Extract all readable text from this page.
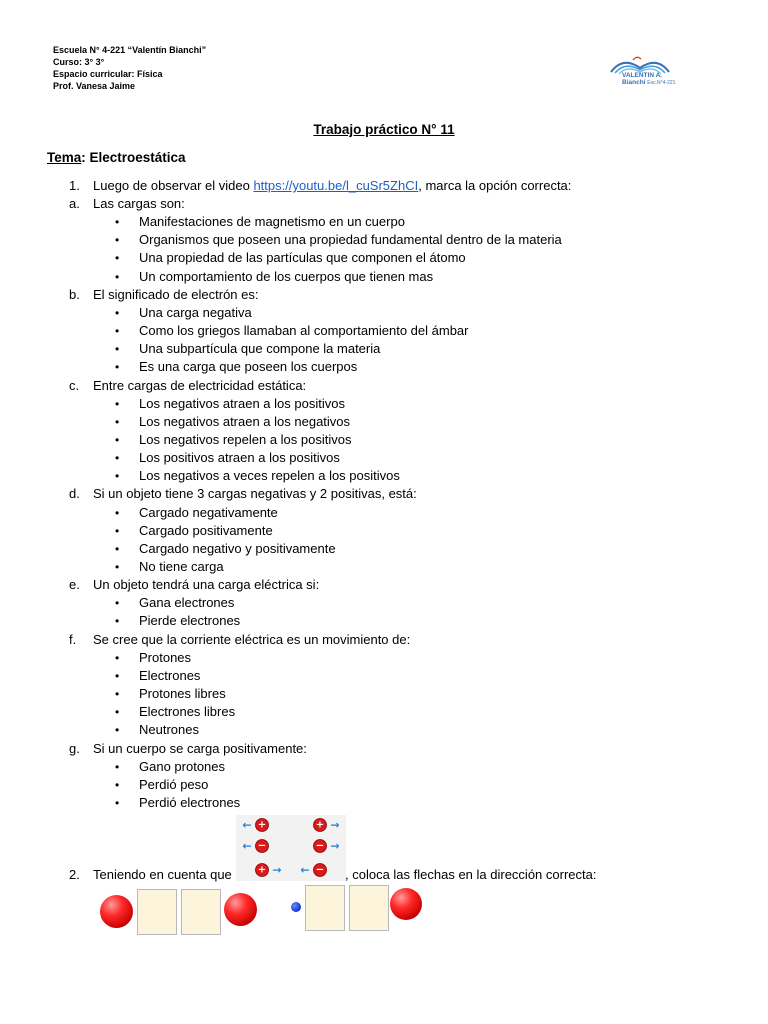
Escuela N° 4-221 “Valentín Bianchi”
Curso: 3° 3°
Espacio curricular: Física
Prof. Vanesa Jaime
VALENTIN A.
Bianchi Esc.N°4-221
Trabajo práctico N° 11
Tema: Electroestática
1. Luego de observar el video https://youtu.be/l_cuSr5ZhCI, marca la opción correcta:
a. Las cargas son:
• Manifestaciones de magnetismo en un cuerpo
• Organismos que poseen una propiedad fundamental dentro de la materia
• Una propiedad de las partículas que componen el átomo
• Un comportamiento de los cuerpos que tienen mas
b. El significado de electrón es:
• Una carga negativa
• Como los griegos llamaban al comportamiento del ámbar
• Una subpartícula que compone la materia
• Es una carga que poseen los cuerpos
c. Entre cargas de electricidad estática:
• Los negativos atraen a los positivos
• Los negativos atraen a los negativos
• Los negativos repelen a los positivos
• Los positivos atraen a los positivos
• Los negativos a veces repelen a los positivos
d. Si un objeto tiene 3 cargas negativas y 2 positivas, está:
• Cargado negativamente
• Cargado positivamente
• Cargado negativo y positivamente
• No tiene carga
e. Un objeto tendrá una carga eléctrica si:
• Gana electrones
• Pierde electrones
f. Se cree que la corriente eléctrica es un movimiento de:
• Protones
• Electrones
• Protones libres
• Electrones libres
• Neutrones
g. Si un cuerpo se carga positivamente:
• Gano protones
• Perdió peso
• Perdió electrones
2. Teniendo en cuenta que	, coloca las flechas en la dirección correcta:
← +	+ →
← −	− →
+ → ← −
